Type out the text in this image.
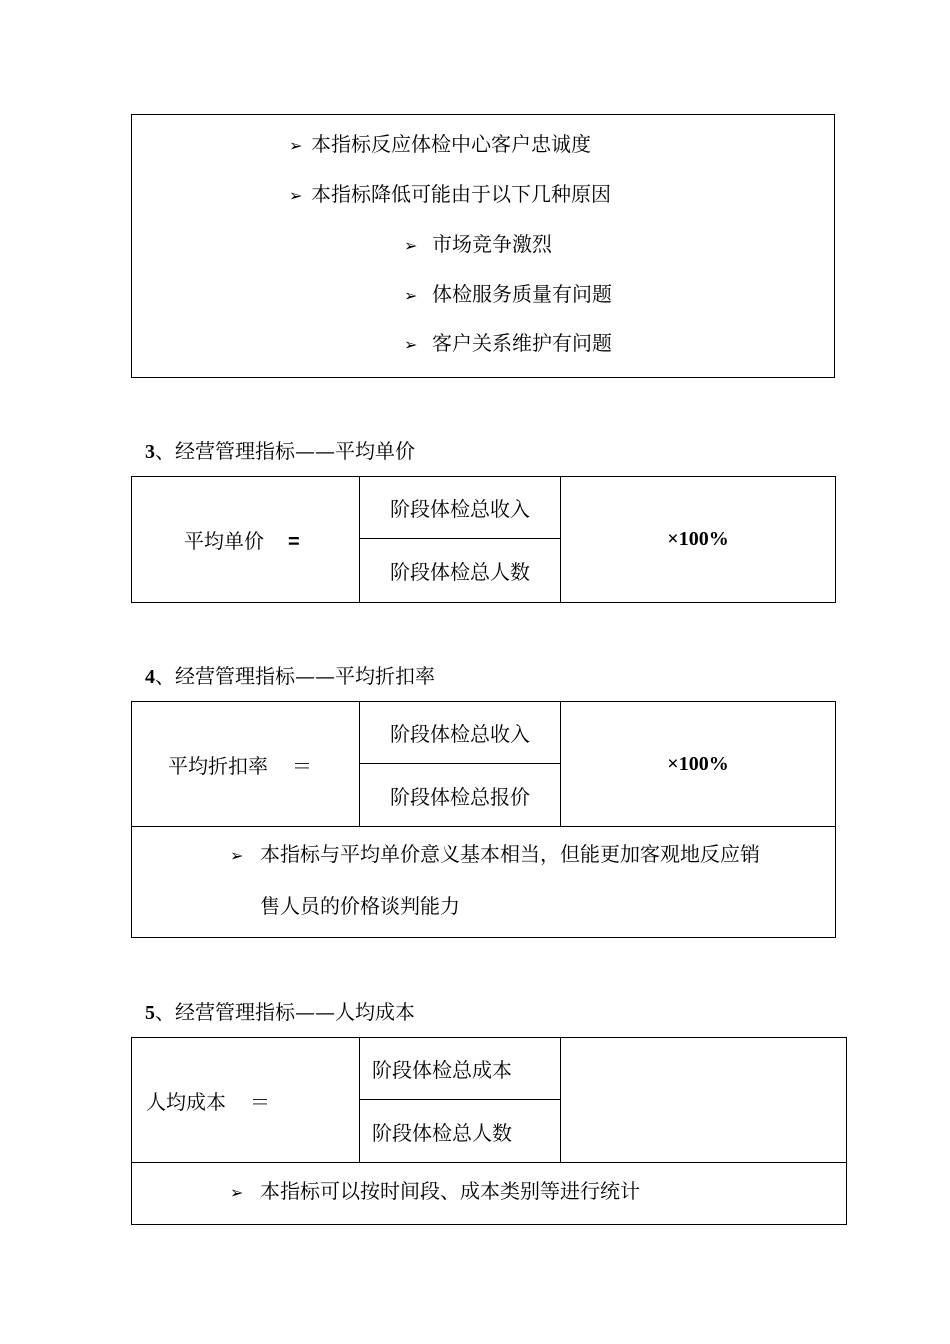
➢ 本指标反应体检中心客户忠诚度
➢ 本指标降低可能由于以下几种原因
➢ 市场竞争激烈
➢ 体检服务质量有问题
➢ 客户关系维护有问题
3、经营管理指标——平均单价
平均单价 =	阶段体检总收入	×100%
阶段体检总人数
4、经营管理指标——平均折扣率
平均折扣率 ＝	阶段体检总收入	×100%
阶段体检总报价

➢ 本指标与平均单价意义基本相当，但能更加客观地反应销
售人员的价格谈判能力
5、经营管理指标——人均成本
人均成本 ＝	阶段体检总成本	
阶段体检总人数
➢ 本指标可以按时间段、成本类别等进行统计
